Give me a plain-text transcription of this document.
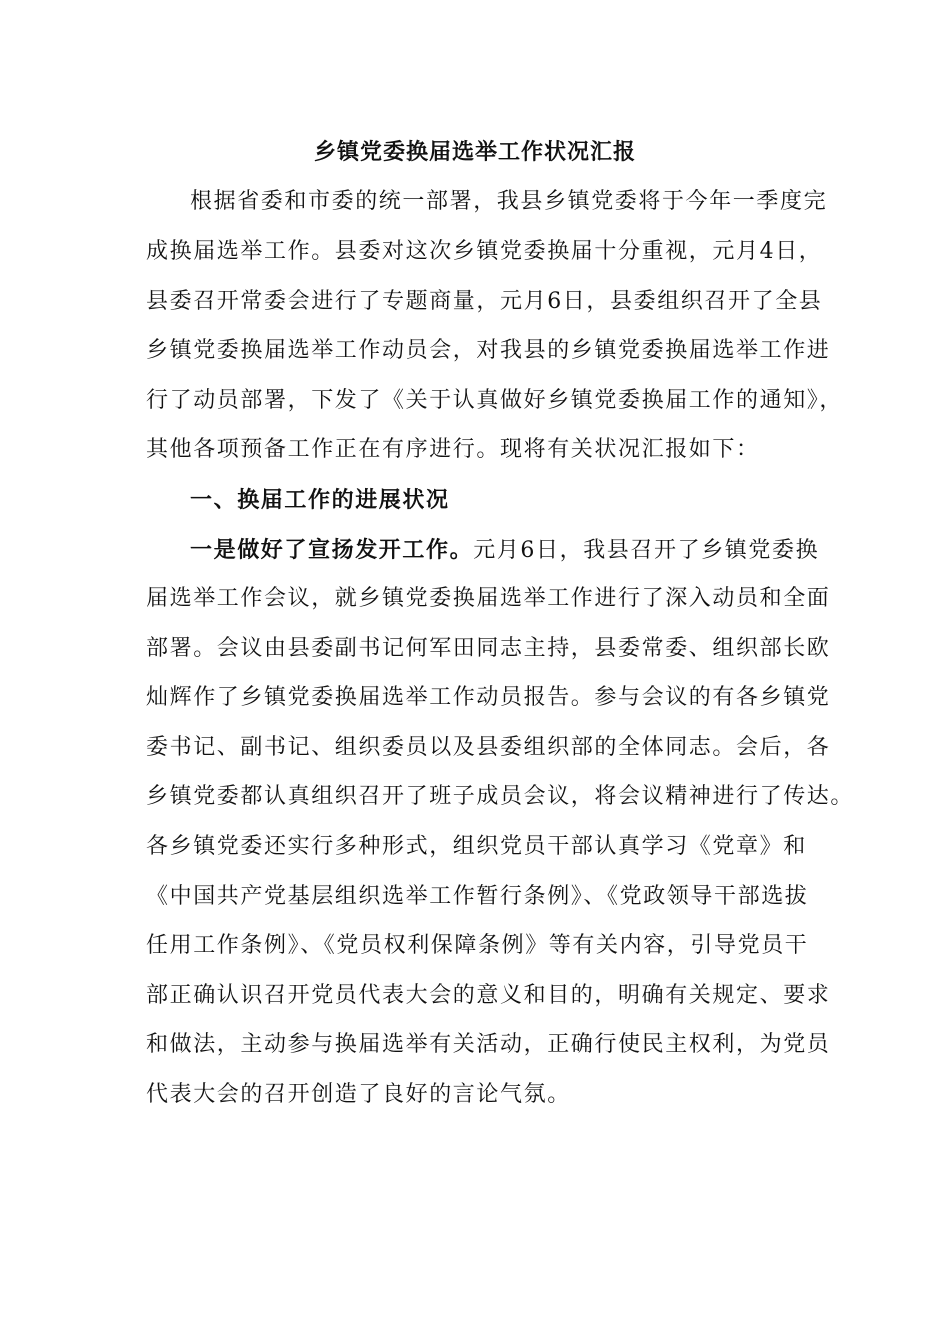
乡镇党委换届选举工作状况汇报

根据省委和市委的统一部署，我县乡镇党委将于今年一季度完

成换届选举工作。县委对这次乡镇党委换届十分重视，元月4日，

县委召开常委会进行了专题商量，元月6日，县委组织召开了全县

乡镇党委换届选举工作动员会，对我县的乡镇党委换届选举工作进

行了动员部署，下发了《关于认真做好乡镇党委换届工作的通知》，

其他各项预备工作正在有序进行。现将有关状况汇报如下：

一、换届工作的进展状况

一是做好了宣扬发开工作。元月6日，我县召开了乡镇党委换

届选举工作会议，就乡镇党委换届选举工作进行了深入动员和全面

部署。会议由县委副书记何军田同志主持，县委常委、组织部长欧

灿辉作了乡镇党委换届选举工作动员报告。参与会议的有各乡镇党

委书记、副书记、组织委员以及县委组织部的全体同志。会后，各

乡镇党委都认真组织召开了班子成员会议，将会议精神进行了传达。

各乡镇党委还实行多种形式，组织党员干部认真学习《党章》和

《中国共产党基层组织选举工作暂行条例》、《党政领导干部选拔

任用工作条例》、《党员权利保障条例》等有关内容，引导党员干

部正确认识召开党员代表大会的意义和目的，明确有关规定、要求

和做法，主动参与换届选举有关活动，正确行使民主权利，为党员

代表大会的召开创造了良好的言论气氛。
